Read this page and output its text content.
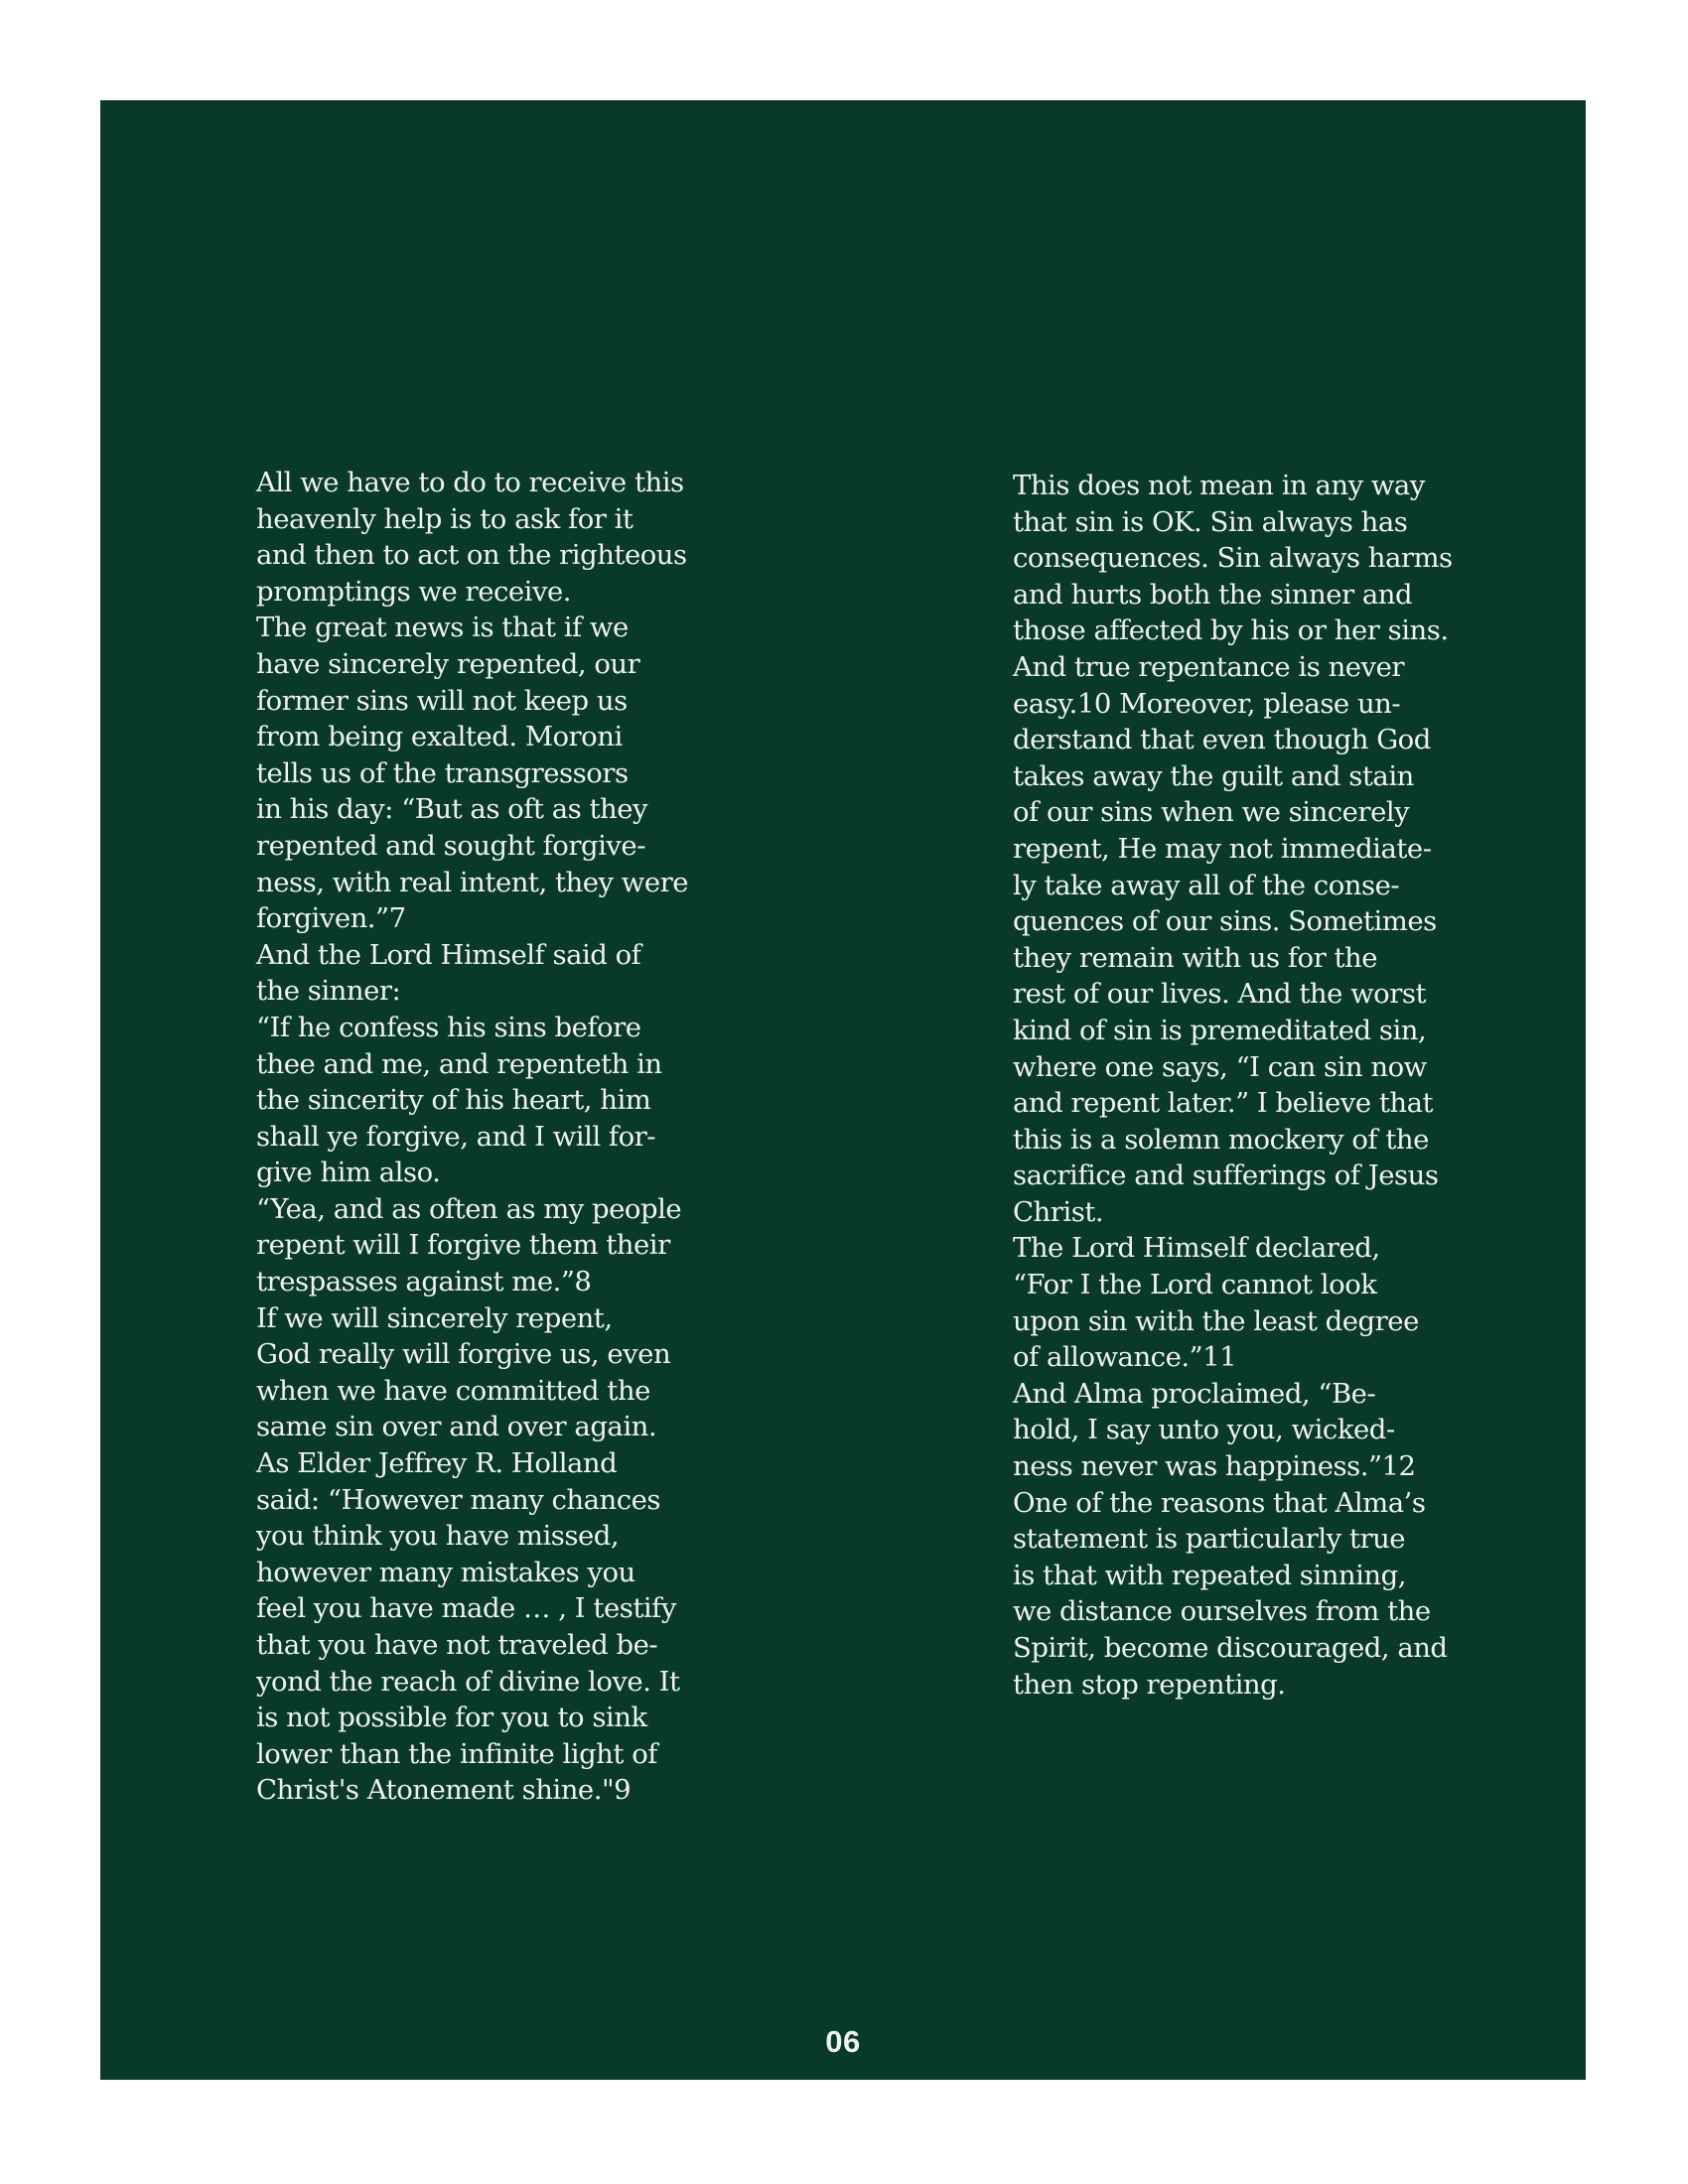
All we have to do to receive this
heavenly help is to ask for it
and then to act on the righteous
promptings we receive.
The great news is that if we
have sincerely repented, our
former sins will not keep us
from being exalted. Moroni
tells us of the transgressors
in his day: “But as oft as they
repented and sought forgive-
ness, with real intent, they were
forgiven.”7
And the Lord Himself said of
the sinner:
“If he confess his sins before
thee and me, and repenteth in
the sincerity of his heart, him
shall ye forgive, and I will for-
give him also.
“Yea, and as often as my people
repent will I forgive them their
trespasses against me.”8
If we will sincerely repent,
God really will forgive us, even
when we have committed the
same sin over and over again.
As Elder Jeffrey R. Holland
said: “However many chances
you think you have missed,
however many mistakes you
feel you have made … , I testify
that you have not traveled be-
yond the reach of divine love. It
is not possible for you to sink
lower than the infinite light of
Christ's Atonement shine."9
This does not mean in any way
that sin is OK. Sin always has
consequences. Sin always harms
and hurts both the sinner and
those affected by his or her sins.
And true repentance is never
easy.10 Moreover, please un-
derstand that even though God
takes away the guilt and stain
of our sins when we sincerely
repent, He may not immediate-
ly take away all of the conse-
quences of our sins. Sometimes
they remain with us for the
rest of our lives. And the worst
kind of sin is premeditated sin,
where one says, “I can sin now
and repent later.” I believe that
this is a solemn mockery of the
sacrifice and sufferings of Jesus
Christ.
The Lord Himself declared,
“For I the Lord cannot look
upon sin with the least degree
of allowance.”11
And Alma proclaimed, “Be-
hold, I say unto you, wicked-
ness never was happiness.”12
One of the reasons that Alma’s
statement is particularly true
is that with repeated sinning,
we distance ourselves from the
Spirit, become discouraged, and
then stop repenting.
06
